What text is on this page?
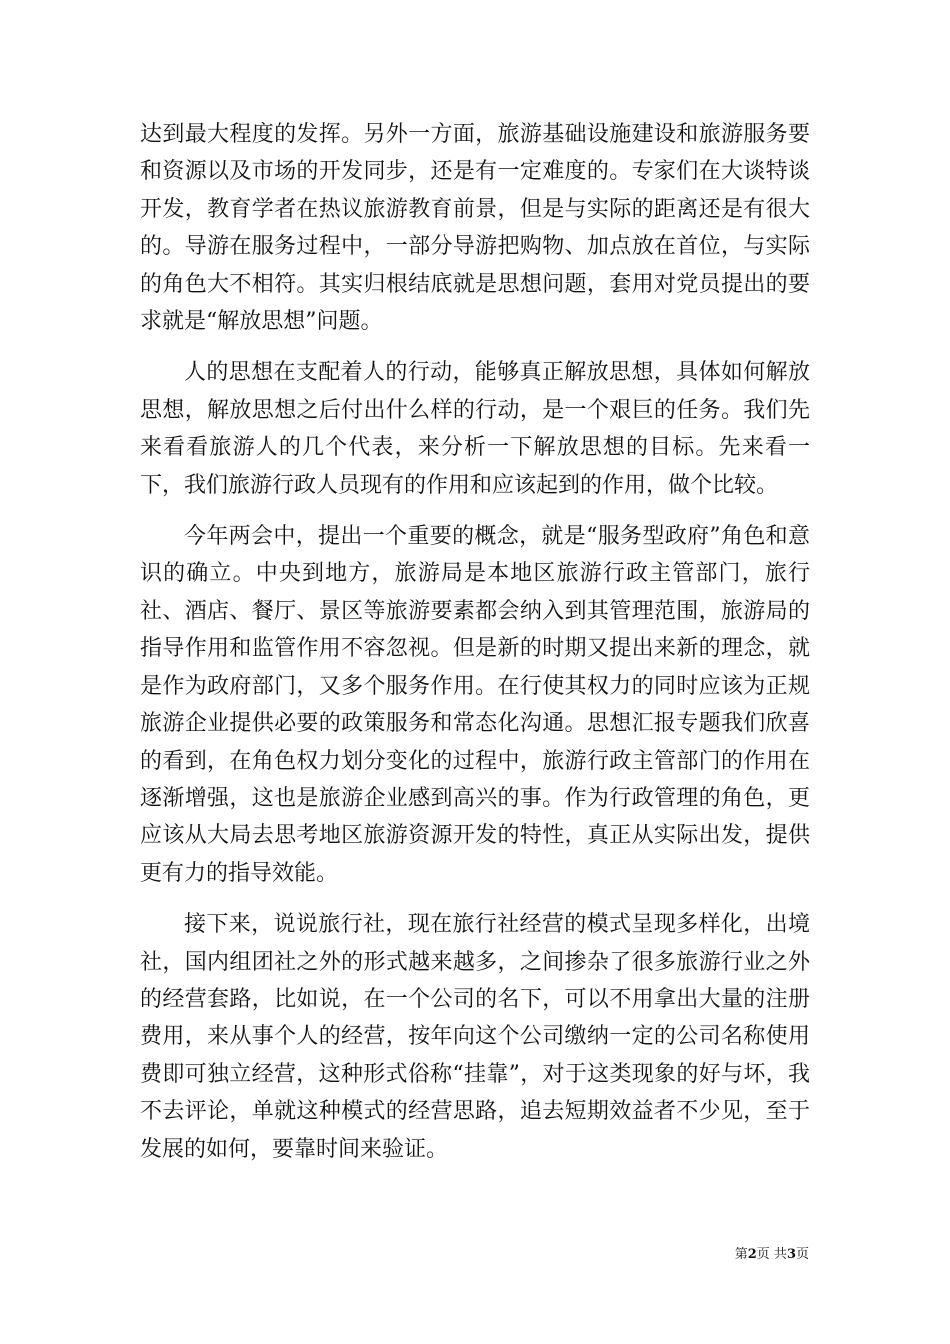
达到最大程度的发挥。另外一方面，旅游基础设施建设和旅游服务要和资源以及市场的开发同步，还是有一定难度的。专家们在大谈特谈开发，教育学者在热议旅游教育前景，但是与实际的距离还是有很大的。导游在服务过程中，一部分导游把购物、加点放在首位，与实际的角色大不相符。其实归根结底就是思想问题，套用对党员提出的要求就是“解放思想”问题。

人的思想在支配着人的行动，能够真正解放思想，具体如何解放思想，解放思想之后付出什么样的行动，是一个艰巨的任务。我们先来看看旅游人的几个代表，来分析一下解放思想的目标。先来看一下，我们旅游行政人员现有的作用和应该起到的作用，做个比较。

今年两会中，提出一个重要的概念，就是“服务型政府”角色和意识的确立。中央到地方，旅游局是本地区旅游行政主管部门，旅行社、酒店、餐厅、景区等旅游要素都会纳入到其管理范围，旅游局的指导作用和监管作用不容忽视。但是新的时期又提出来新的理念，就是作为政府部门，又多个服务作用。在行使其权力的同时应该为正规旅游企业提供必要的政策服务和常态化沟通。思想汇报专题我们欣喜的看到，在角色权力划分变化的过程中，旅游行政主管部门的作用在逐渐增强，这也是旅游企业感到高兴的事。作为行政管理的角色，更应该从大局去思考地区旅游资源开发的特性，真正从实际出发，提供更有力的指导效能。

接下来，说说旅行社，现在旅行社经营的模式呈现多样化，出境社，国内组团社之外的形式越来越多，之间掺杂了很多旅游行业之外的经营套路，比如说，在一个公司的名下，可以不用拿出大量的注册费用，来从事个人的经营，按年向这个公司缴纳一定的公司名称使用费即可独立经营，这种形式俗称“挂靠”，对于这类现象的好与坏，我不去评论，单就这种模式的经营思路，追去短期效益者不少见，至于发展的如何，要靠时间来验证。

第2页 共3页
